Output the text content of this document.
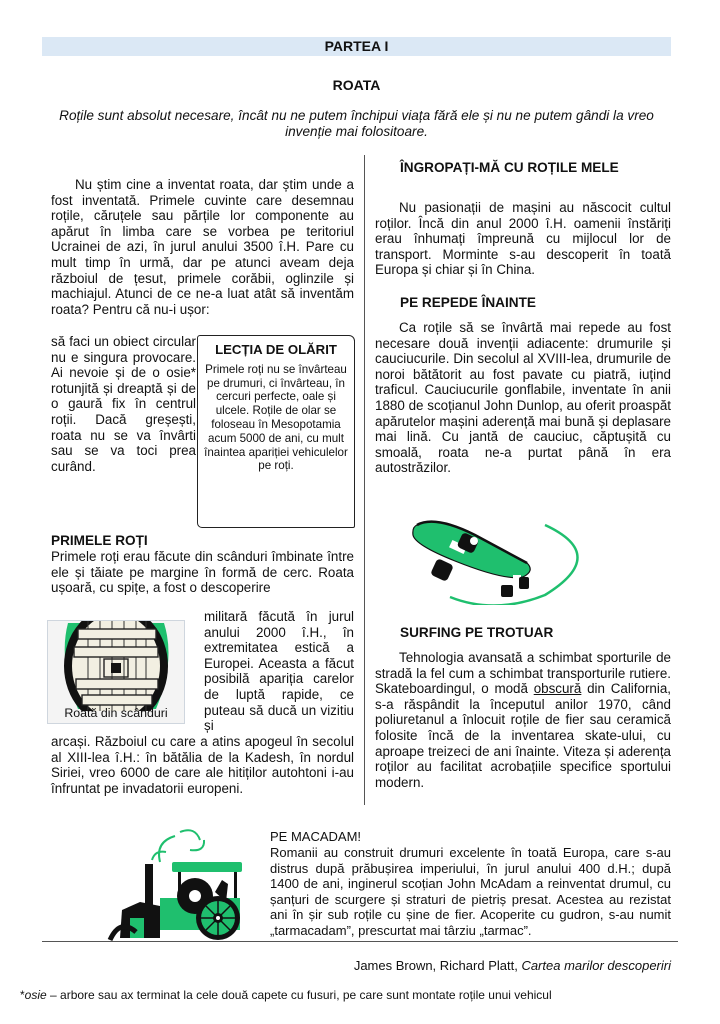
PARTEA I
ROATA
Roțile sunt absolut necesare, încât nu ne putem închipui viața fără ele și nu ne putem gândi la vreo invenție mai folositoare.

Nu știm cine a inventat roata, dar știm unde a fost inventată. Primele cuvinte care desemnau roțile, căruțele sau părțile lor componente au apărut în limba care se vorbea pe teritoriul Ucrainei de azi, în jurul anului 3500 î.H. Pare cu mult timp în urmă, dar pe atunci aveam deja războiul de țesut, primele corăbii, oglinzile și machiajul. Atunci de ce ne-a luat atât să inventăm roata? Pentru că nu-i ușor:

să faci un obiect circular nu e singura provocare. Ai nevoie și de o osie* rotunjită și dreaptă și de o gaură fix în centrul roții. Dacă greșești, roata nu se va învârti sau se va toci prea curând.

LECȚIA DE OLĂRIT

Primele roți nu se învârteau pe drumuri, ci învârteau, în cercuri perfecte, oale și ulcele. Roțile de olar se foloseau în Mesopotamia acum 5000 de ani, cu mult înaintea apariției vehiculelor pe roți.

PRIMELE ROȚI

Primele roți erau făcute din scânduri îmbinate între ele și tăiate pe margine în formă de cerc. Roata ușoară, cu spițe, a fost o descoperire

Roată din scânduri

militară făcută în jurul anului 2000 î.H., în extremitatea estică a Europei. Aceasta a făcut posibilă apariția carelor de luptă rapide, ce puteau să ducă un vizitiu și

arcași. Războiul cu care a atins apogeul în secolul al XIII-lea î.H.: în bătălia de la Kadesh, în nordul Siriei, vreo 6000 de care ale hitiților autohtoni i-au înfruntat pe invadatorii europeni.

ÎNGROPAȚI-MĂ CU ROȚILE MELE

Nu pasionații de mașini au născocit cultul roților. Încă din anul 2000 î.H. oamenii înstăriți erau înhumați împreună cu mijlocul lor de transport. Morminte s-au descoperit în toată Europa și chiar și în China.

PE REPEDE ÎNAINTE

Ca roțile să se învârtă mai repede au fost necesare două invenții adiacente: drumurile și cauciucurile. Din secolul al XVIII-lea, drumurile de noroi bătătorit au fost pavate cu piatră, iuțind traficul. Cauciucurile gonflabile, inventate în anii 1880 de scoțianul John Dunlop, au oferit proaspăt apărutelor mașini aderență mai bună și deplasare mai lină. Cu jantă de cauciuc, căptușită cu smoală, roata ne-a purtat până în era autostrăzilor.

SURFING PE TROTUAR

Tehnologia avansată a schimbat sporturile de stradă la fel cum a schimbat transporturile rutiere. Skateboardingul, o modă obscură din California, s-a răspândit la începutul anilor 1970, când poliuretanul a înlocuit roțile de fier sau ceramică folosite încă de la inventarea skate-ului, cu aproape treizeci de ani înainte. Viteza și aderența roților au facilitat acrobațiile specifice sportului modern.

PE MACADAM!

Romanii au construit drumuri excelente în toată Europa, care s-au distrus după prăbușirea imperiului, în jurul anului 400 d.H.; după 1400 de ani, inginerul scoțian John McAdam a reinventat drumul, cu șanțuri de scurgere și straturi de pietriș presat. Acestea au rezistat ani în șir sub roțile cu șine de fier. Acoperite cu gudron, s-au numit „tarmacadam”, prescurtat mai târziu „tarmac”.

James Brown, Richard Platt, Cartea marilor descoperiri
*osie – arbore sau ax terminat la cele două capete cu fusuri, pe care sunt montate roțile unui vehicul
